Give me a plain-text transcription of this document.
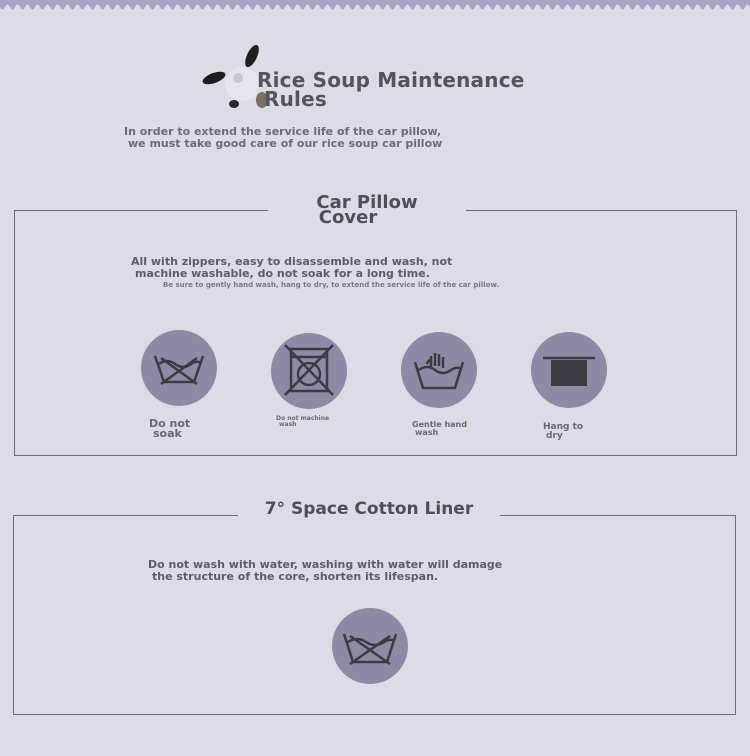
Rice Soup Maintenance
Rules
In order to extend the service life of the car pillow,
we must take good care of our rice soup car pillow
Car Pillow
Cover
All with zippers, easy to disassemble and wash, not
machine washable, do not soak for a long time.
Be sure to gently hand wash, hang to dry, to extend the service life of the car pillow.
Do not
soak
Do not machine
wash	Gentle hand
wash
Hang to
dry
7° Space Cotton Liner
Do not wash with water, washing with water will damage
the structure of the core, shorten its lifespan.
